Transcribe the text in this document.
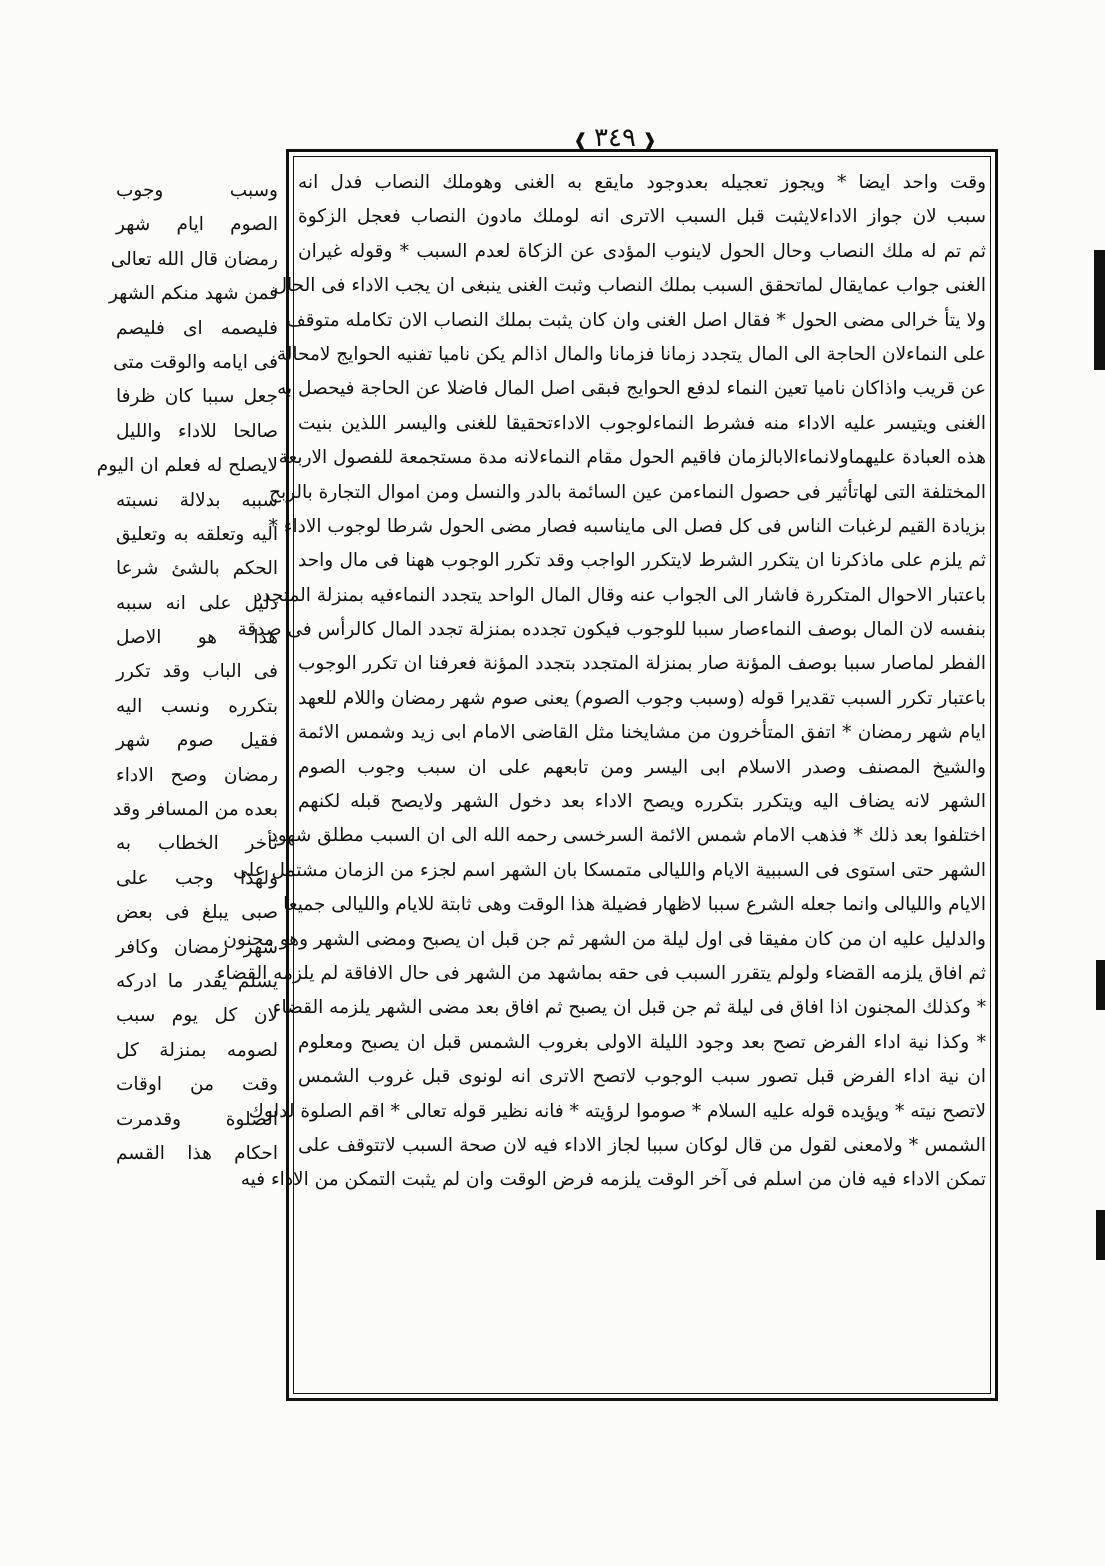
❰ ٣٤٩ ❱
وقت واحد ايضا * ويجوز تعجيله بعدوجود مايقع به الغنى وهوملك النصاب فدل انه
سبب لان جواز الاداءلايثبت قبل السبب الاترى انه لوملك مادون النصاب فعجل الزكوة
ثم تم له ملك النصاب وحال الحول لاينوب المؤدى عن الزكاة لعدم السبب * وقوله غيران
الغنى جواب عمايقال لماتحقق السبب بملك النصاب وثبت الغنى ينبغى ان يجب الاداء فى الحال
ولا يتأ خرالى مضى الحول * فقال اصل الغنى وان كان يثبت بملك النصاب الان تكامله متوقف
على النماءلان الحاجة الى المال يتجدد زمانا فزمانا والمال اذالم يكن ناميا تفنيه الحوايج لامحالة
عن قريب واذاكان ناميا تعين النماء لدفع الحوايج فبقى اصل المال فاضلا عن الحاجة فيحصل به
الغنى ويتيسر عليه الاداء منه فشرط النماءلوجوب الاداءتحقيقا للغنى واليسر اللذين بنيت
هذه العبادة عليهماولانماءالابالزمان فاقيم الحول مقام النماءلانه مدة مستجمعة للفصول الاربعة
المختلفة التى لهاتأثير فى حصول النماءمن عين السائمة بالدر والنسل ومن اموال التجارة بالربح
بزيادة القيم لرغبات الناس فى كل فصل الى مايناسبه فصار مضى الحول شرطا لوجوب الاداء *
ثم يلزم على ماذكرنا ان يتكرر الشرط لايتكرر الواجب وقد تكرر الوجوب ههنا فى مال واحد
باعتبار الاحوال المتكررة فاشار الى الجواب عنه وقال المال الواحد يتجدد النماءفيه بمنزلة المتجدد
بنفسه لان المال بوصف النماءصار سببا للوجوب فيكون تجدده بمنزلة تجدد المال كالرأس فى صدقة
الفطر لماصار سببا بوصف المؤنة صار بمنزلة المتجدد بتجدد المؤنة فعرفنا ان تكرر الوجوب
باعتبار تكرر السبب تقديرا قوله (وسبب وجوب الصوم) يعنى صوم شهر رمضان واللام للعهد
ايام شهر رمضان * اتفق المتأخرون من مشايخنا مثل القاضى الامام ابى زيد وشمس الائمة
والشيخ المصنف وصدر الاسلام ابى اليسر ومن تابعهم على ان سبب وجوب الصوم
الشهر لانه يضاف اليه ويتكرر بتكرره ويصح الاداء بعد دخول الشهر ولايصح قبله لكنهم
اختلفوا بعد ذلك * فذهب الامام شمس الائمة السرخسى رحمه الله الى ان السبب مطلق شهود
الشهر حتى استوى فى السببية الايام والليالى متمسكا بان الشهر اسم لجزء من الزمان مشتمل على
الايام والليالى وانما جعله الشرع سببا لاظهار فضيلة هذا الوقت وهى ثابتة للايام والليالى جميعا
والدليل عليه ان من كان مفيقا فى اول ليلة من الشهر ثم جن قبل ان يصبح ومضى الشهر وهو مجنون
ثم افاق يلزمه القضاء ولولم يتقرر السبب فى حقه بماشهد من الشهر فى حال الافاقة لم يلزمه القضاء
* وكذلك المجنون اذا افاق فى ليلة ثم جن قبل ان يصبح ثم افاق بعد مضى الشهر يلزمه القضاء
* وكذا نية اداء الفرض تصح بعد وجود الليلة الاولى بغروب الشمس قبل ان يصبح ومعلوم
ان نية اداء الفرض قبل تصور سبب الوجوب لاتصح الاترى انه لونوى قبل غروب الشمس
لاتصح نيته * ويؤيده قوله عليه السلام * صوموا لرؤيته * فانه نظير قوله تعالى * اقم الصلوة لدلوك
الشمس * ولامعنى لقول من قال لوكان سببا لجاز الاداء فيه لان صحة السبب لاتتوقف على
تمكن الاداء فيه فان من اسلم فى آخر الوقت يلزمه فرض الوقت وان لم يثبت التمكن من الاداء فيه
وسبب وجوب
الصوم ايام شهر
رمضان قال الله تعالى
فمن شهد منكم الشهر
فليصمه اى فليصم
فى ايامه والوقت متى
جعل سببا كان ظرفا
صالحا للاداء والليل
لايصلح له فعلم ان اليوم
سببه بدلالة نسبته
اليه وتعلقه به وتعليق
الحكم بالشئ شرعا
دليل على انه سببه
هذا هو الاصل
فى الباب وقد تكرر
بتكرره ونسب اليه
فقيل صوم شهر
رمضان وصح الاداء
بعده من المسافر وقد
تأخر الخطاب به
ولهذا وجب على
صبى يبلغ فى بعض
شهر رمضان وكافر
يسلم يقدر ما ادركه
لان كل يوم سبب
لصومه بمنزلة كل
وقت من اوقات
الصلوة وقدمرت
احكام هذا القسم
